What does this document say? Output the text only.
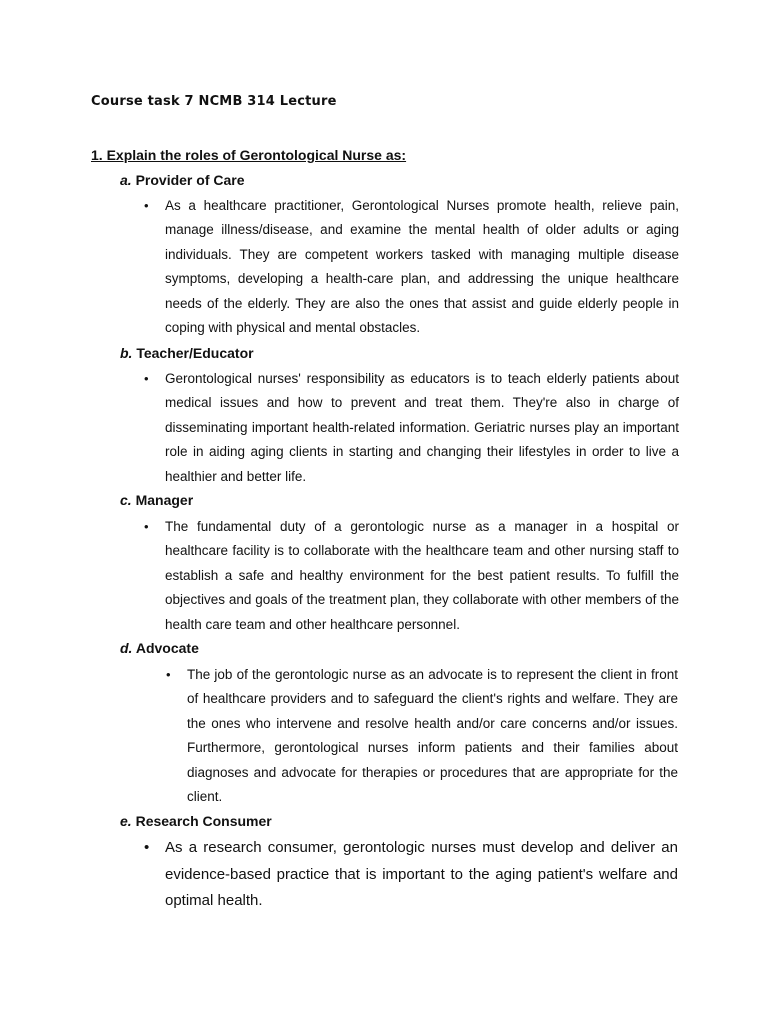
Course task 7 NCMB 314 Lecture
1. Explain the roles of Gerontological Nurse as:
a. Provider of Care
• As a healthcare practitioner, Gerontological Nurses promote health, relieve pain, manage illness/disease, and examine the mental health of older adults or aging individuals. They are competent workers tasked with managing multiple disease symptoms, developing a health-care plan, and addressing the unique healthcare needs of the elderly. They are also the ones that assist and guide elderly people in coping with physical and mental obstacles.
b. Teacher/Educator
• Gerontological nurses' responsibility as educators is to teach elderly patients about medical issues and how to prevent and treat them. They're also in charge of disseminating important health-related information. Geriatric nurses play an important role in aiding aging clients in starting and changing their lifestyles in order to live a healthier and better life.
c. Manager
• The fundamental duty of a gerontologic nurse as a manager in a hospital or healthcare facility is to collaborate with the healthcare team and other nursing staff to establish a safe and healthy environment for the best patient results. To fulfill the objectives and goals of the treatment plan, they collaborate with other members of the health care team and other healthcare personnel.
d. Advocate
• The job of the gerontologic nurse as an advocate is to represent the client in front of healthcare providers and to safeguard the client's rights and welfare. They are the ones who intervene and resolve health and/or care concerns and/or issues. Furthermore, gerontological nurses inform patients and their families about diagnoses and advocate for therapies or procedures that are appropriate for the client.
e. Research Consumer
• As a research consumer, gerontologic nurses must develop and deliver an evidence-based practice that is important to the aging patient's welfare and optimal health.
